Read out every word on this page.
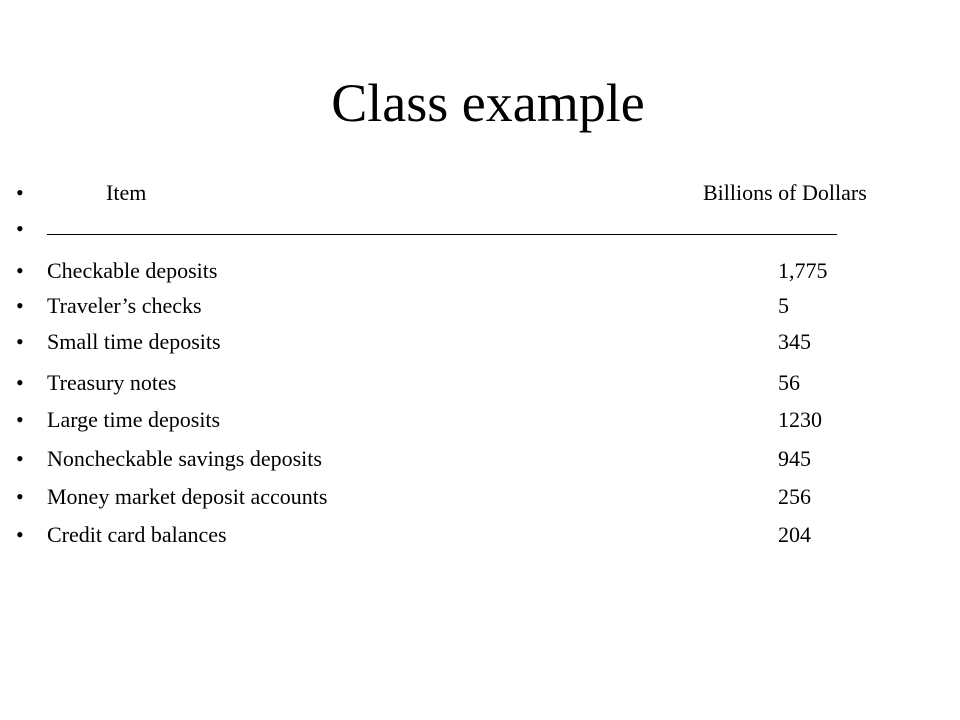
Class example
•	Item	Billions of Dollars
•
• Checkable deposits	1,775
• Traveler’s checks	5
• Small time deposits	345
• Treasury notes	56
• Large time deposits	1230
• Noncheckable savings deposits	945
• Money market deposit accounts	256
• Credit card balances	204
